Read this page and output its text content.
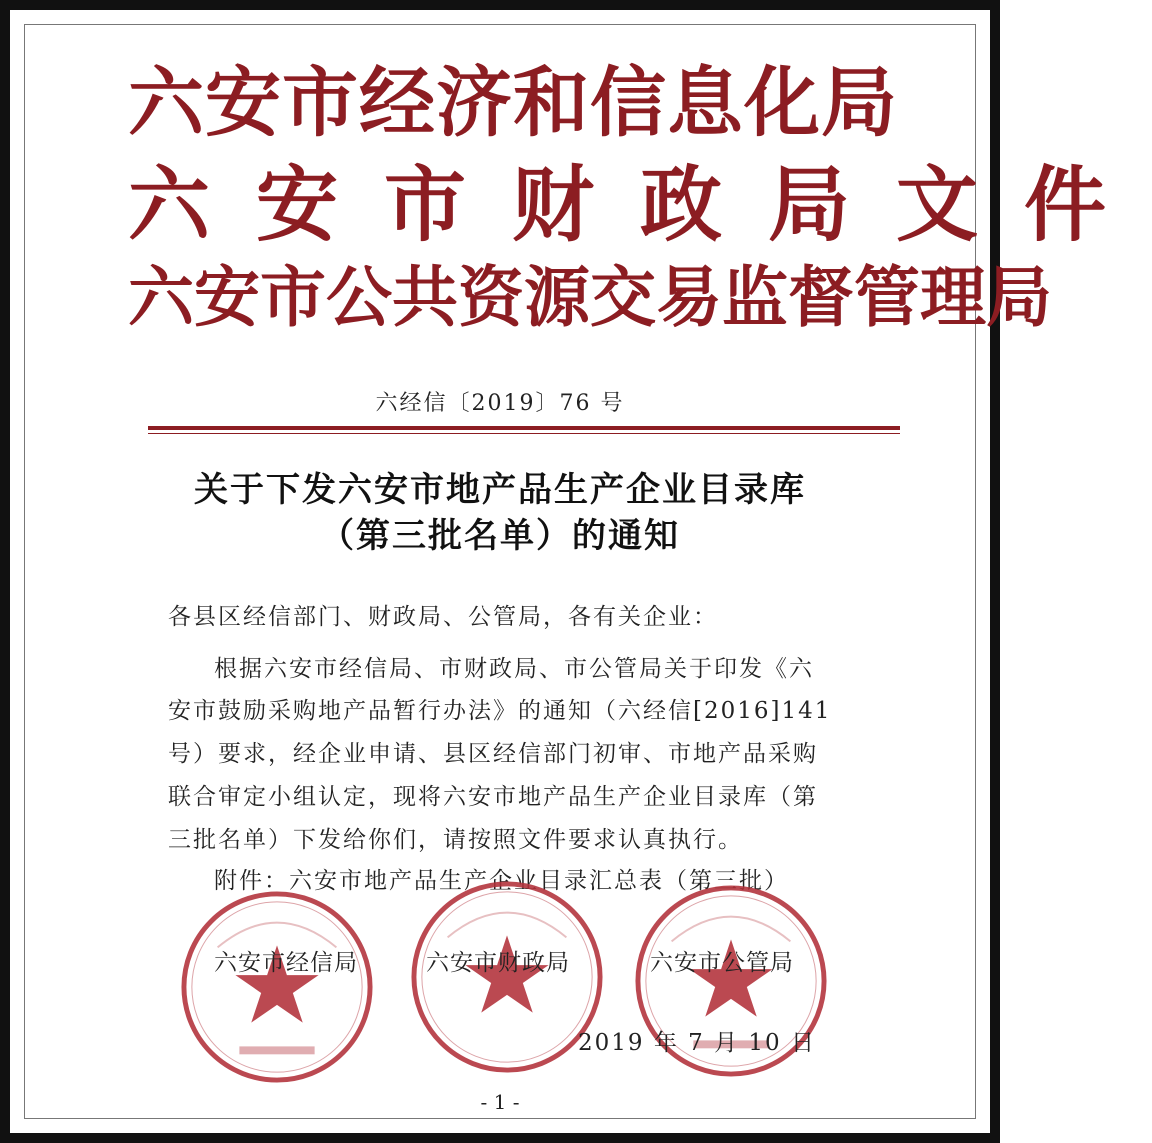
六安市经济和信息化局
六安市财政局文件
六安市公共资源交易监督管理局
六经信〔2019〕76 号
关于下发六安市地产品生产企业目录库
（第三批名单）的通知
各县区经信部门、财政局、公管局，各有关企业：
根据六安市经信局、市财政局、市公管局关于印发《六
安市鼓励采购地产品暂行办法》的通知（六经信[2016]141
号）要求，经企业申请、县区经信部门初审、市地产品采购
联合审定小组认定，现将六安市地产品生产企业目录库（第
三批名单）下发给你们，请按照文件要求认真执行。
附件：六安市地产品生产企业目录汇总表（第三批）
六安市经信局	六安市财政局	六安市公管局
2019 年 7 月 10 日
- 1 -
